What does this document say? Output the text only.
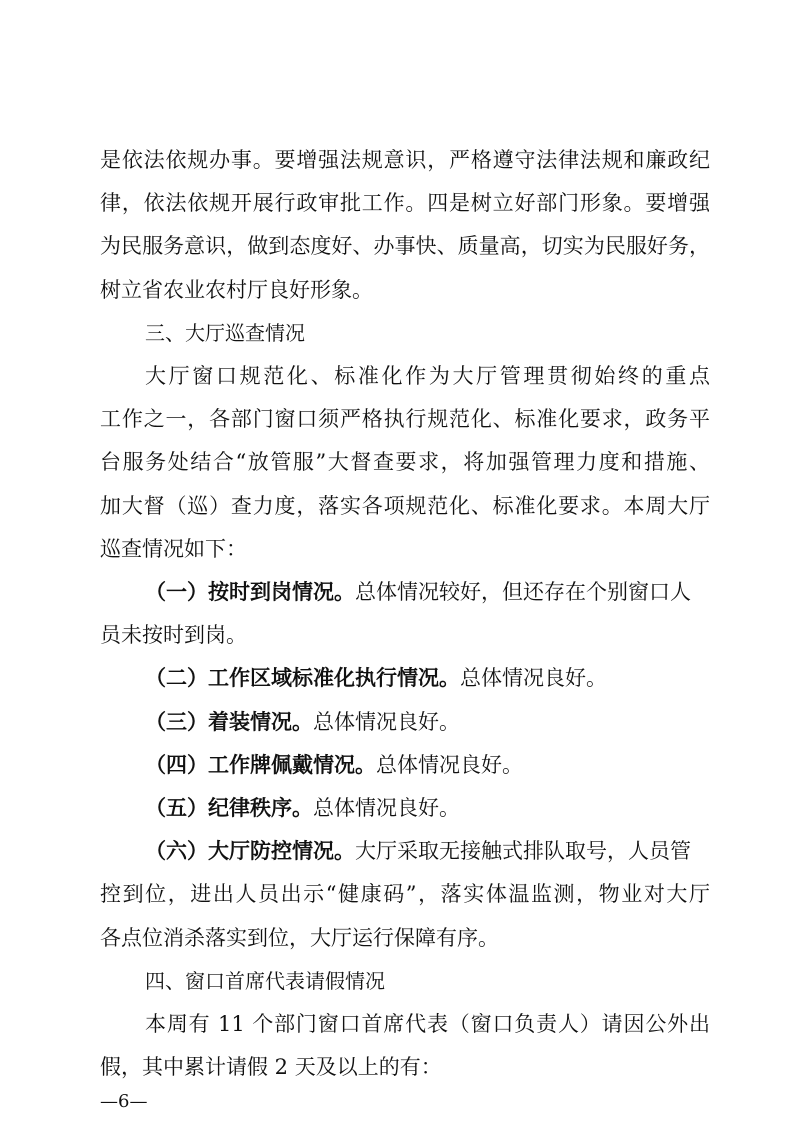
是依法依规办事。要增强法规意识，严格遵守法律法规和廉政纪
律，依法依规开展行政审批工作。四是树立好部门形象。要增强
为民服务意识，做到态度好、办事快、质量高，切实为民服好务，
树立省农业农村厅良好形象。
三、大厅巡查情况
大厅窗口规范化、标准化作为大厅管理贯彻始终的重点
工作之一，各部门窗口须严格执行规范化、标准化要求，政务平
台服务处结合“放管服”大督查要求，将加强管理力度和措施、
加大督（巡）查力度，落实各项规范化、标准化要求。本周大厅
巡查情况如下：
（一）按时到岗情况。总体情况较好，但还存在个别窗口人
员未按时到岗。
（二）工作区域标准化执行情况。总体情况良好。
（三）着装情况。总体情况良好。
（四）工作牌佩戴情况。总体情况良好。
（五）纪律秩序。总体情况良好。
（六）大厅防控情况。大厅采取无接触式排队取号，人员管
控到位，进出人员出示“健康码”，落实体温监测，物业对大厅
各点位消杀落实到位，大厅运行保障有序。
四、窗口首席代表请假情况
本周有 11 个部门窗口首席代表（窗口负责人）请因公外出
假，其中累计请假 2 天及以上的有：
—6—
